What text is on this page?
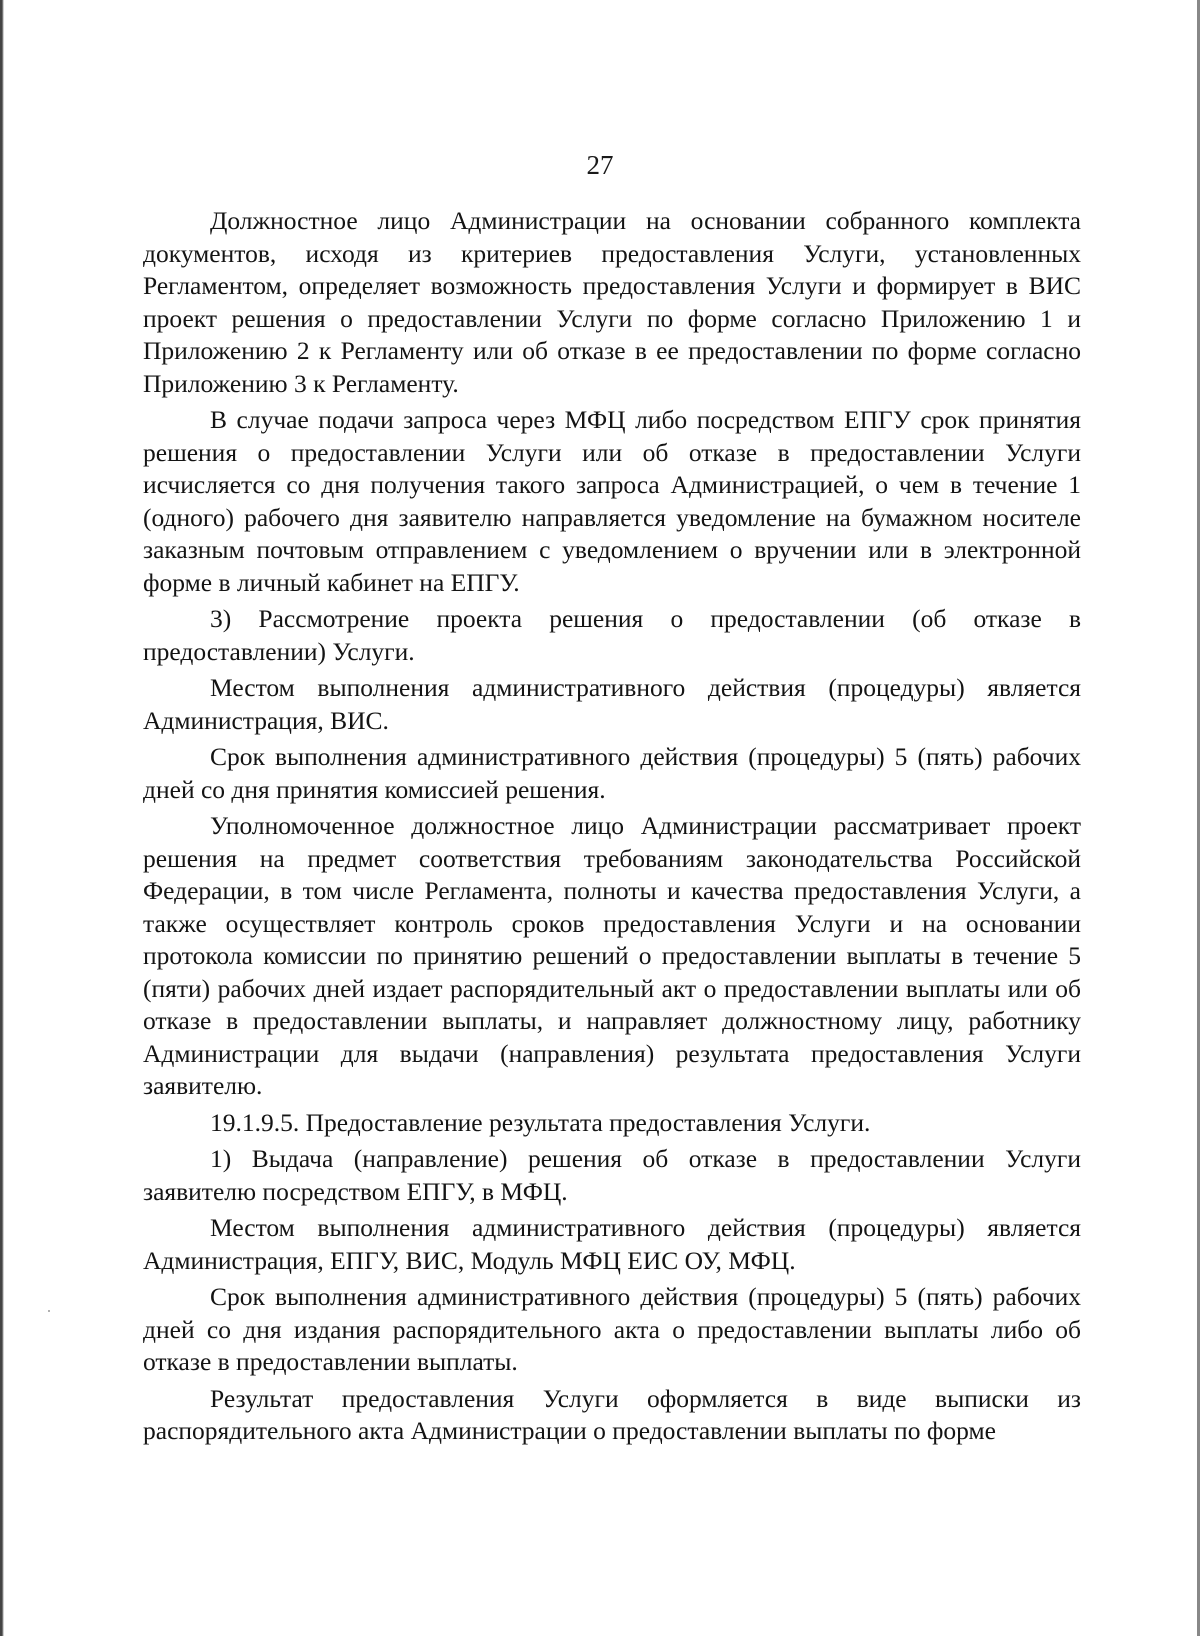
27

Должностное лицо Администрации на основании собранного комплекта документов, исходя из критериев предоставления Услуги, установленных Регламентом, определяет возможность предоставления Услуги и формирует в ВИС проект решения о предоставлении Услуги по форме согласно Приложению 1 и Приложению 2 к Регламенту или об отказе в ее предоставлении по форме согласно Приложению 3 к Регламенту.

В случае подачи запроса через МФЦ либо посредством ЕПГУ срок принятия решения о предоставлении Услуги или об отказе в предоставлении Услуги исчисляется со дня получения такого запроса Администрацией, о чем в течение 1 (одного) рабочего дня заявителю направляется уведомление на бумажном носителе заказным почтовым отправлением с уведомлением о вручении или в электронной форме в личный кабинет на ЕПГУ.

3) Рассмотрение проекта решения о предоставлении (об отказе в предоставлении) Услуги.

Местом выполнения административного действия (процедуры) является Администрация, ВИС.

Срок выполнения административного действия (процедуры) 5 (пять) рабочих дней со дня принятия комиссией решения.

Уполномоченное должностное лицо Администрации рассматривает проект решения на предмет соответствия требованиям законодательства Российской Федерации, в том числе Регламента, полноты и качества предоставления Услуги, а также осуществляет контроль сроков предоставления Услуги и на основании протокола комиссии по принятию решений о предоставлении выплаты в течение 5 (пяти) рабочих дней издает распорядительный акт о предоставлении выплаты или об отказе в предоставлении выплаты, и направляет должностному лицу, работнику Администрации для выдачи (направления) результата предоставления Услуги заявителю.

19.1.9.5. Предоставление результата предоставления Услуги.

1) Выдача (направление) решения об отказе в предоставлении Услуги заявителю посредством ЕПГУ, в МФЦ.

Местом выполнения административного действия (процедуры) является Администрация, ЕПГУ, ВИС, Модуль МФЦ ЕИС ОУ, МФЦ.

Срок выполнения административного действия (процедуры) 5 (пять) рабочих дней со дня издания распорядительного акта о предоставлении выплаты либо об отказе в предоставлении выплаты.

Результат предоставления Услуги оформляется в виде выписки из распорядительного акта Администрации о предоставлении выплаты по форме
